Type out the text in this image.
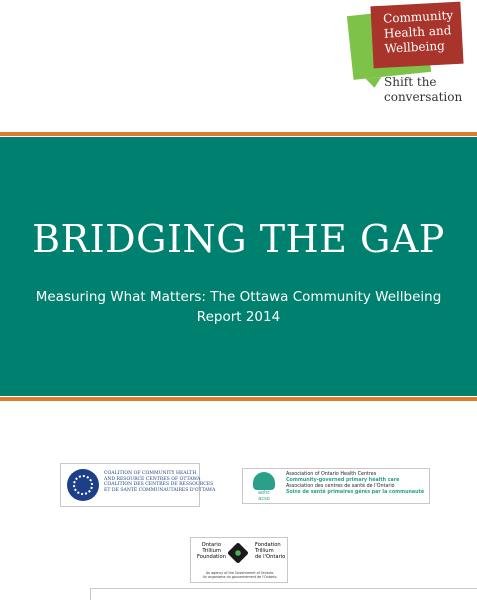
Community
Health and
Wellbeing
Shift the
conversation
BRIDGING THE GAP
Measuring What Matters: The Ottawa Community Wellbeing
Report 2014
COALITION OF COMMUNITY HEALTH
AND RESOURCE CENTRES OF OTTAWA
COALITION DES CENTRES DE RESSOURCES
ET DE SANTÉ COMMUNAUTAIRES D'OTTAWA	aohc
acso
Association of Ontario Health Centres
Community-governed primary health care
Association des centres de santé de l'Ontario
Soins de santé primaires gérés par la communauté
Ontario
Trillium
Foundation
Fondation
Trillium
de l'Ontario
An agency of the Government of Ontario.
Un organisme du gouvernement de l'Ontario.
